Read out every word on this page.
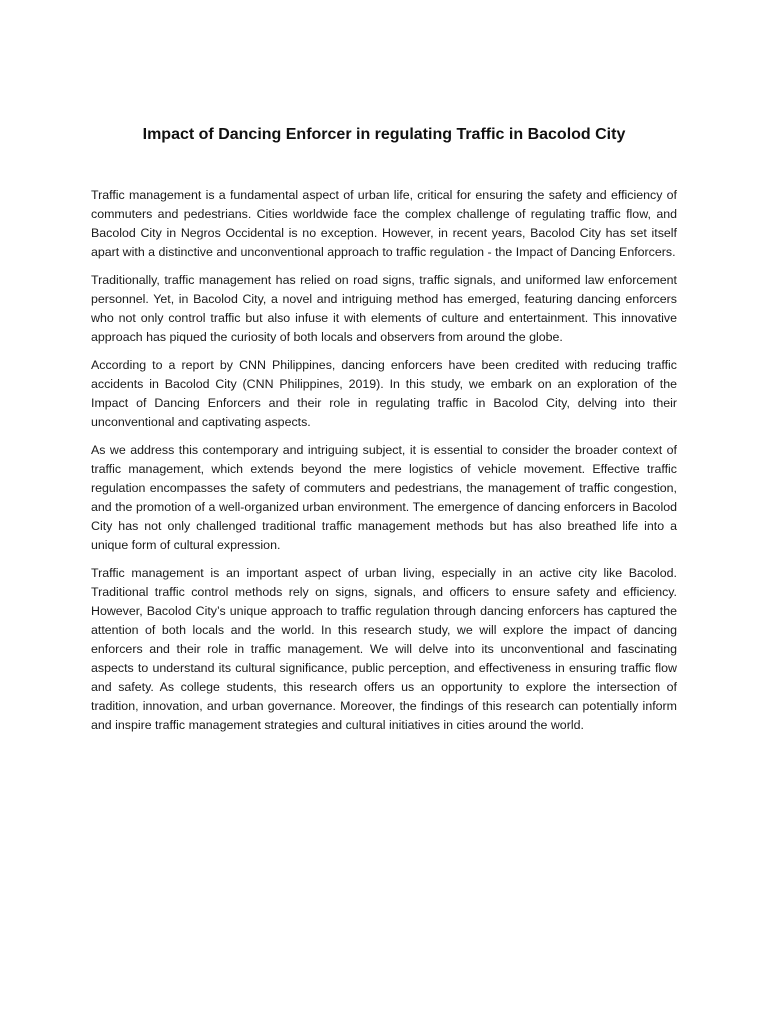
Impact of Dancing Enforcer in regulating Traffic in Bacolod City

Traffic management is a fundamental aspect of urban life, critical for ensuring the safety and efficiency of commuters and pedestrians. Cities worldwide face the complex challenge of regulating traffic flow, and Bacolod City in Negros Occidental is no exception. However, in recent years, Bacolod City has set itself apart with a distinctive and unconventional approach to traffic regulation - the Impact of Dancing Enforcers.

Traditionally, traffic management has relied on road signs, traffic signals, and uniformed law enforcement personnel. Yet, in Bacolod City, a novel and intriguing method has emerged, featuring dancing enforcers who not only control traffic but also infuse it with elements of culture and entertainment. This innovative approach has piqued the curiosity of both locals and observers from around the globe.

According to a report by CNN Philippines, dancing enforcers have been credited with reducing traffic accidents in Bacolod City (CNN Philippines, 2019). In this study, we embark on an exploration of the Impact of Dancing Enforcers and their role in regulating traffic in Bacolod City, delving into their unconventional and captivating aspects.

As we address this contemporary and intriguing subject, it is essential to consider the broader context of traffic management, which extends beyond the mere logistics of vehicle movement. Effective traffic regulation encompasses the safety of commuters and pedestrians, the management of traffic congestion, and the promotion of a well-organized urban environment. The emergence of dancing enforcers in Bacolod City has not only challenged traditional traffic management methods but has also breathed life into a unique form of cultural expression.

Traffic management is an important aspect of urban living, especially in an active city like Bacolod. Traditional traffic control methods rely on signs, signals, and officers to ensure safety and efficiency. However, Bacolod City’s unique approach to traffic regulation through dancing enforcers has captured the attention of both locals and the world. In this research study, we will explore the impact of dancing enforcers and their role in traffic management. We will delve into its unconventional and fascinating aspects to understand its cultural significance, public perception, and effectiveness in ensuring traffic flow and safety. As college students, this research offers us an opportunity to explore the intersection of tradition, innovation, and urban governance. Moreover, the findings of this research can potentially inform and inspire traffic management strategies and cultural initiatives in cities around the world.
